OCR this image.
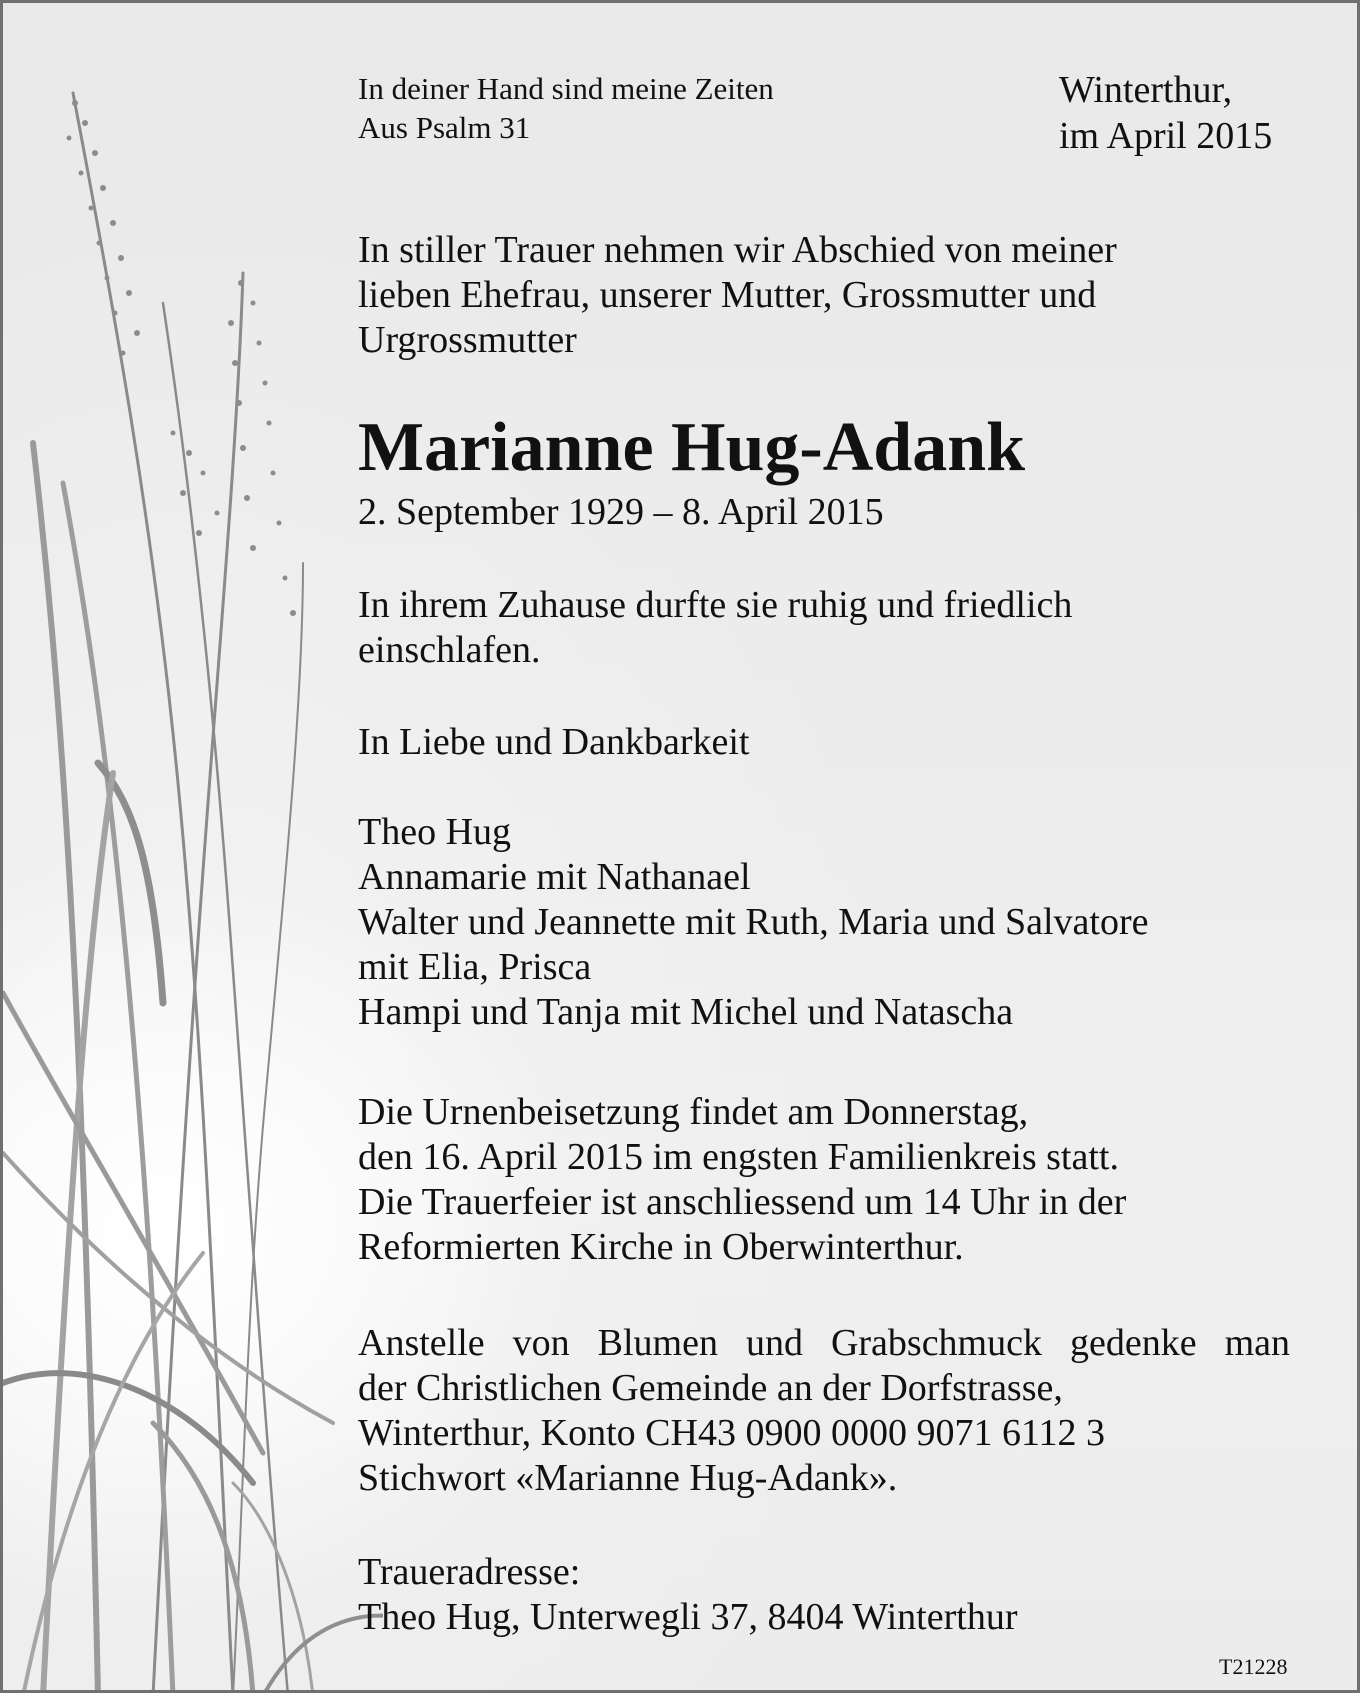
In deiner Hand sind meine Zeiten
Aus Psalm 31
Winterthur,
im April 2015
In stiller Trauer nehmen wir Abschied von meiner
lieben Ehefrau, unserer Mutter, Grossmutter und
Urgrossmutter
Marianne Hug-Adank
2. September 1929 – 8. April 2015
In ihrem Zuhause durfte sie ruhig und friedlich
einschlafen.
In Liebe und Dankbarkeit
Theo Hug
Annamarie mit Nathanael
Walter und Jeannette mit Ruth, Maria und Salvatore
mit Elia, Prisca
Hampi und Tanja mit Michel und Natascha
Die Urnenbeisetzung findet am Donnerstag,
den 16. April 2015 im engsten Familienkreis statt.
Die Trauerfeier ist anschliessend um 14 Uhr in der
Reformierten Kirche in Oberwinterthur.
Anstelle von Blumen und Grabschmuck gedenke man
der Christlichen Gemeinde an der Dorfstrasse,
Winterthur, Konto CH43 0900 0000 9071 6112 3
Stichwort «Marianne Hug-Adank».
Traueradresse:
Theo Hug, Unterwegli 37, 8404 Winterthur
T21228
